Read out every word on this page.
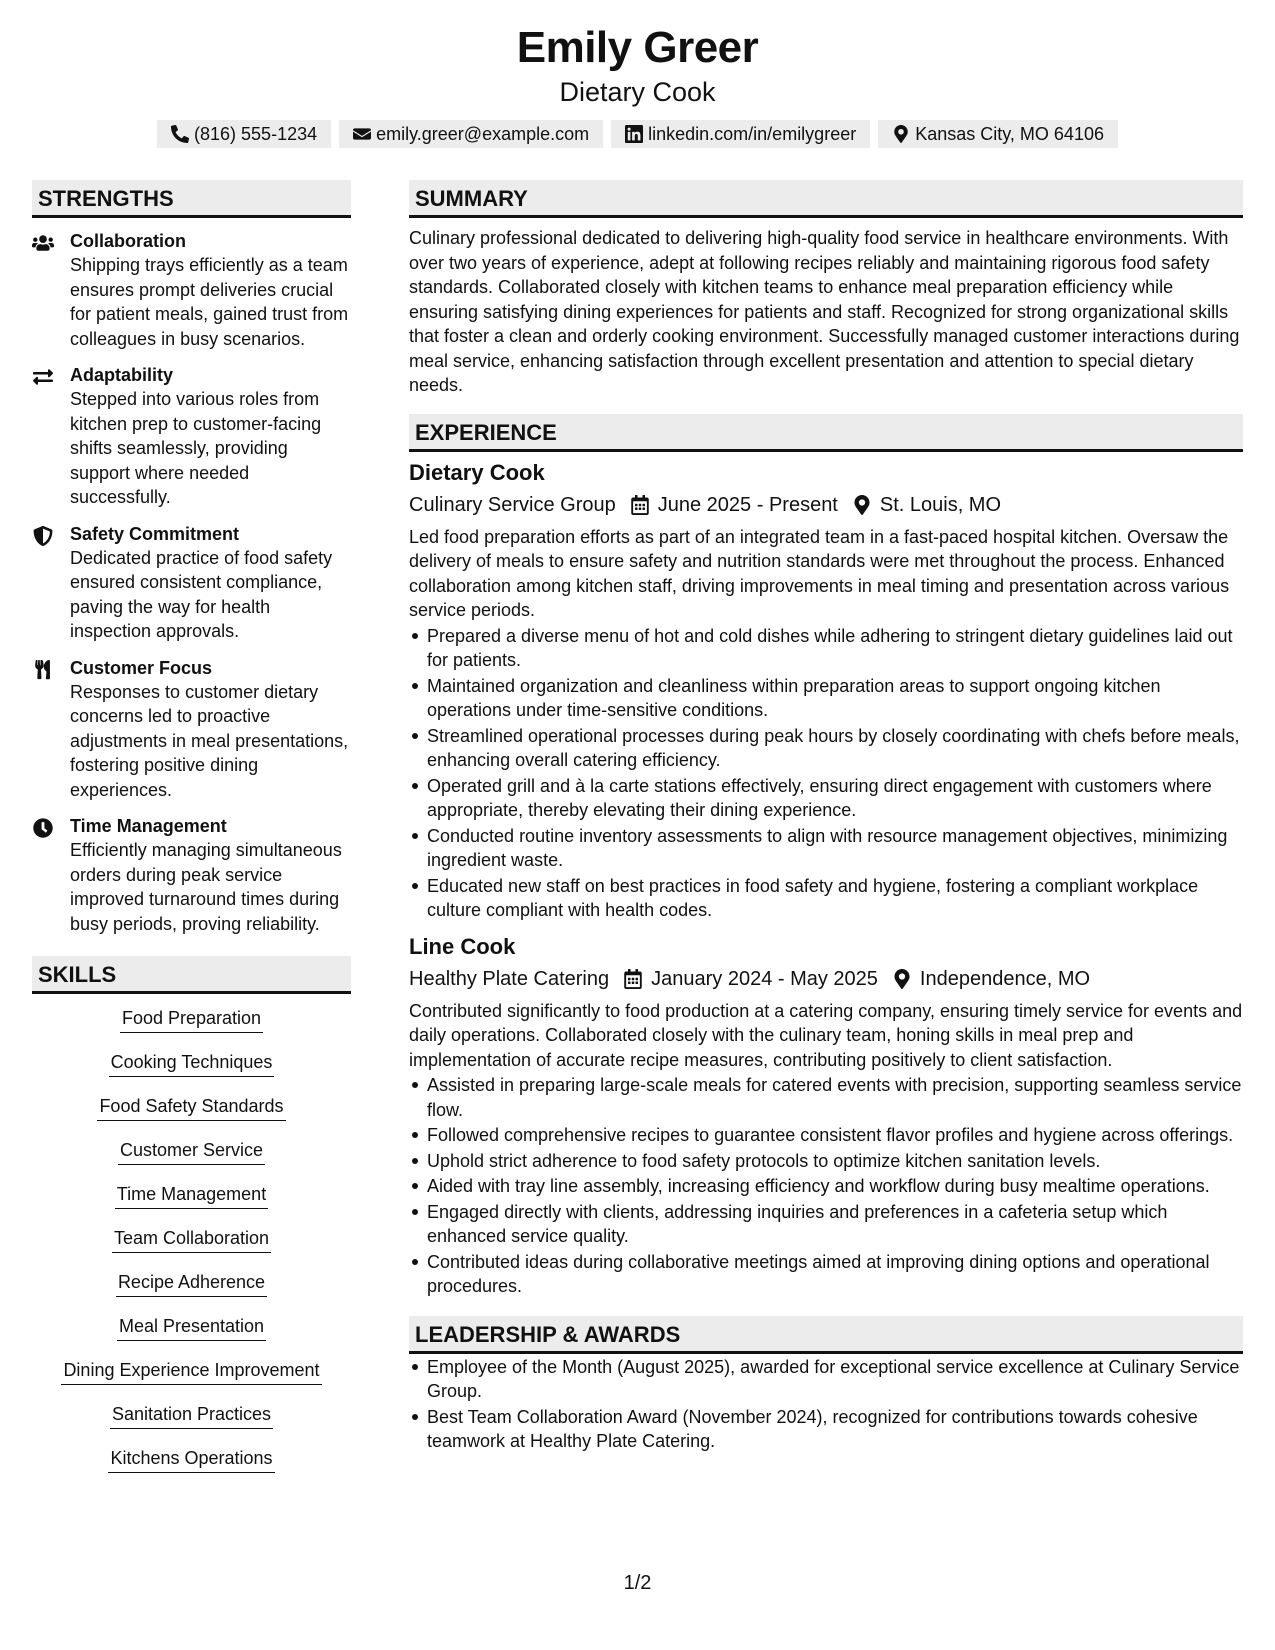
Emily Greer
Dietary Cook
(816) 555-1234	emily.greer@example.com	linkedin.com/in/emilygreer	Kansas City, MO 64106
STRENGTHS
Collaboration
Shipping trays efficiently as a team ensures prompt deliveries crucial for patient meals, gained trust from colleagues in busy scenarios.
Adaptability
Stepped into various roles from kitchen prep to customer-facing shifts seamlessly, providing support where needed successfully.
Safety Commitment
Dedicated practice of food safety ensured consistent compliance, paving the way for health inspection approvals.
Customer Focus
Responses to customer dietary concerns led to proactive adjustments in meal presentations, fostering positive dining experiences.
Time Management
Efficiently managing simultaneous orders during peak service improved turnaround times during busy periods, proving reliability.
SKILLS
Food Preparation
Cooking Techniques
Food Safety Standards
Customer Service
Time Management
Team Collaboration
Recipe Adherence
Meal Presentation
Dining Experience Improvement
Sanitation Practices
Kitchens Operations
SUMMARY
Culinary professional dedicated to delivering high-quality food service in healthcare environments. With over two years of experience, adept at following recipes reliably and maintaining rigorous food safety standards. Collaborated closely with kitchen teams to enhance meal preparation efficiency while ensuring satisfying dining experiences for patients and staff. Recognized for strong organizational skills that foster a clean and orderly cooking environment. Successfully managed customer interactions during meal service, enhancing satisfaction through excellent presentation and attention to special dietary needs.
EXPERIENCE
Dietary Cook
Culinary Service Group June 2025 - Present St. Louis, MO
Led food preparation efforts as part of an integrated team in a fast-paced hospital kitchen. Oversaw the delivery of meals to ensure safety and nutrition standards were met throughout the process. Enhanced collaboration among kitchen staff, driving improvements in meal timing and presentation across various service periods.
Prepared a diverse menu of hot and cold dishes while adhering to stringent dietary guidelines laid out for patients.
Maintained organization and cleanliness within preparation areas to support ongoing kitchen operations under time-sensitive conditions.
Streamlined operational processes during peak hours by closely coordinating with chefs before meals, enhancing overall catering efficiency.
Operated grill and à la carte stations effectively, ensuring direct engagement with customers where appropriate, thereby elevating their dining experience.
Conducted routine inventory assessments to align with resource management objectives, minimizing ingredient waste.
Educated new staff on best practices in food safety and hygiene, fostering a compliant workplace culture compliant with health codes.
Line Cook
Healthy Plate Catering January 2024 - May 2025 Independence, MO
Contributed significantly to food production at a catering company, ensuring timely service for events and daily operations. Collaborated closely with the culinary team, honing skills in meal prep and implementation of accurate recipe measures, contributing positively to client satisfaction.
Assisted in preparing large-scale meals for catered events with precision, supporting seamless service flow.
Followed comprehensive recipes to guarantee consistent flavor profiles and hygiene across offerings.
Uphold strict adherence to food safety protocols to optimize kitchen sanitation levels.
Aided with tray line assembly, increasing efficiency and workflow during busy mealtime operations.
Engaged directly with clients, addressing inquiries and preferences in a cafeteria setup which enhanced service quality.
Contributed ideas during collaborative meetings aimed at improving dining options and operational procedures.
LEADERSHIP & AWARDS
Employee of the Month (August 2025), awarded for exceptional service excellence at Culinary Service Group.
Best Team Collaboration Award (November 2024), recognized for contributions towards cohesive teamwork at Healthy Plate Catering.
1/2
